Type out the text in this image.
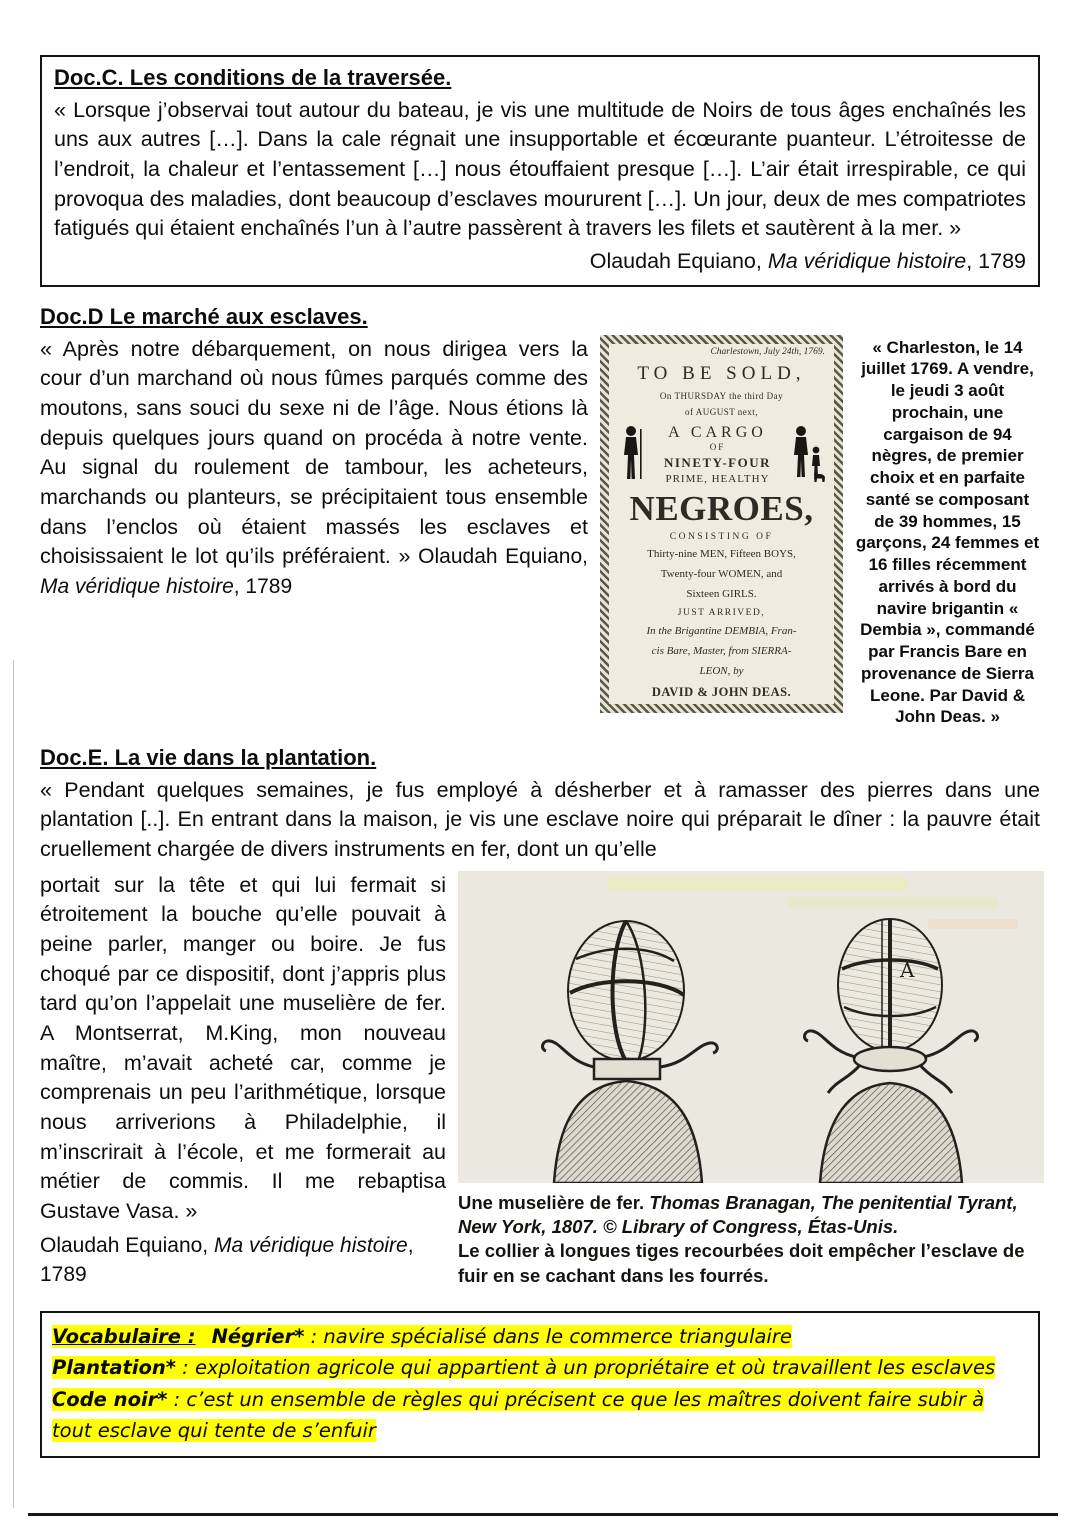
Doc.C. Les conditions de la traversée.

« Lorsque j’observai tout autour du bateau, je vis une multitude de Noirs de tous âges enchaînés les uns aux autres […]. Dans la cale régnait une insupportable et écœurante puanteur. L’étroitesse de l’endroit, la chaleur et l’entassement […] nous étouffaient presque […]. L’air était irrespirable, ce qui provoqua des maladies, dont beaucoup d’esclaves moururent […]. Un jour, deux de mes compatriotes fatigués qui étaient enchaînés l’un à l’autre passèrent à travers les filets et sautèrent à la mer. »

Olaudah Equiano, Ma véridique histoire, 1789

Doc.D Le marché aux esclaves.

« Après notre débarquement, on nous dirigea vers la cour d’un marchand où nous fûmes parqués comme des moutons, sans souci du sexe ni de l’âge. Nous étions là depuis quelques jours quand on procéda à notre vente. Au signal du roulement de tambour, les acheteurs, marchands ou planteurs, se précipitaient tous ensemble dans l’enclos où étaient massés les esclaves et choisissaient le lot qu’ils préféraient. » Olaudah Equiano, Ma véridique histoire, 1789

Charlestown, July 24th, 1769.
TO BE SOLD,
On THURSDAY the third Day
of AUGUST next,
A CARGO
OF
NINETY-FOUR
PRIME, HEALTHY
NEGROES,
CONSISTING OF
Thirty-nine MEN, Fifteen BOYS,
Twenty-four WOMEN, and
Sixteen GIRLS.
JUST ARRIVED,
In the Brigantine DEMBIA, Fran-
cis Bare, Master, from SIERRA-
LEON, by
DAVID & JOHN DEAS.
« Charleston, le 14 juillet 1769. A vendre, le jeudi 3 août prochain, une cargaison de 94 nègres, de premier choix et en parfaite santé se composant de 39 hommes, 15 garçons, 24 femmes et 16 filles récemment arrivés à bord du navire brigantin « Dembia », commandé par Francis Bare en provenance de Sierra Leone. Par David & John Deas. »
Doc.E. La vie dans la plantation.

« Pendant quelques semaines, je fus employé à désherber et à ramasser des pierres dans une plantation [..]. En entrant dans la maison, je vis une esclave noire qui préparait le dîner : la pauvre était cruellement chargée de divers instruments en fer, dont un qu’elle

portait sur la tête et qui lui fermait si étroitement la bouche qu’elle pouvait à peine parler, manger ou boire. Je fus choqué par ce dispositif, dont j’appris plus tard qu’on l’appelait une muselière de fer. A Montserrat, M.King, mon nouveau maître, m’avait acheté car, comme je comprenais un peu l’arithmétique, lorsque nous arriverions à Philadelphie, il m’inscrirait à l’école, et me formerait au métier de commis. Il me rebaptisa Gustave Vasa. »

Olaudah Equiano, Ma véridique histoire, 1789

A
Une muselière de fer. Thomas Branagan, The penitential Tyrant, New York, 1807. © Library of Congress, Étas-Unis.
Le collier à longues tiges recourbées doit empêcher l’esclave de fuir en se cachant dans les fourrés.

Vocabulaire : Négrier* : navire spécialisé dans le commerce triangulaire

Plantation* : exploitation agricole qui appartient à un propriétaire et où travaillent les esclaves

Code noir* : c’est un ensemble de règles qui précisent ce que les maîtres doivent faire subir à tout esclave qui tente de s’enfuir
